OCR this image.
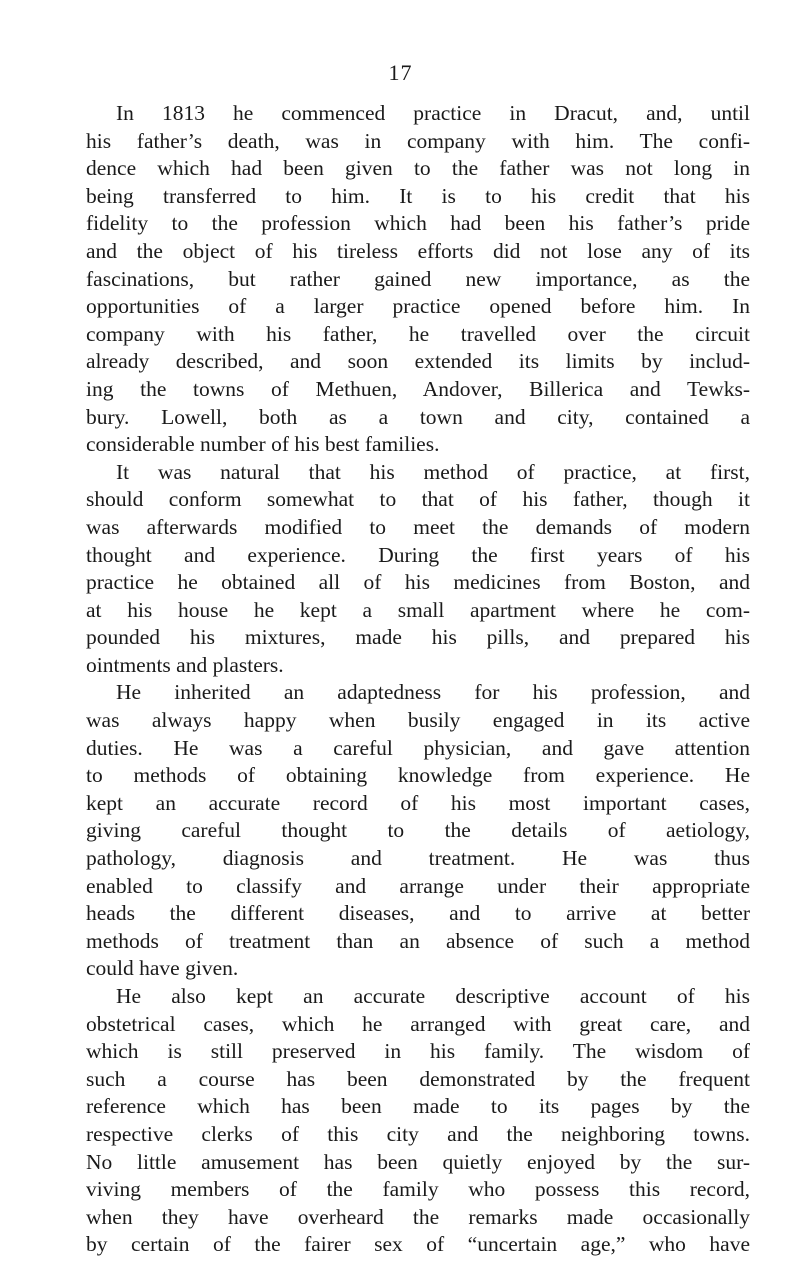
17
In 1813 he commenced practice in Dracut, and, until
his father’s death, was in company with him. The confi-
dence which had been given to the father was not long in
being transferred to him. It is to his credit that his
fidelity to the profession which had been his father’s pride
and the object of his tireless efforts did not lose any of its
fascinations, but rather gained new importance, as the
opportunities of a larger practice opened before him. In
company with his father, he travelled over the circuit
already described, and soon extended its limits by includ-
ing the towns of Methuen, Andover, Billerica and Tewks-
bury. Lowell, both as a town and city, contained a
considerable number of his best families.
It was natural that his method of practice, at first,
should conform somewhat to that of his father, though it
was afterwards modified to meet the demands of modern
thought and experience. During the first years of his
practice he obtained all of his medicines from Boston, and
at his house he kept a small apartment where he com-
pounded his mixtures, made his pills, and prepared his
ointments and plasters.
He inherited an adaptedness for his profession, and
was always happy when busily engaged in its active
duties. He was a careful physician, and gave attention
to methods of obtaining knowledge from experience. He
kept an accurate record of his most important cases,
giving careful thought to the details of aetiology,
pathology, diagnosis and treatment. He was thus
enabled to classify and arrange under their appropriate
heads the different diseases, and to arrive at better
methods of treatment than an absence of such a method
could have given.
He also kept an accurate descriptive account of his
obstetrical cases, which he arranged with great care, and
which is still preserved in his family. The wisdom of
such a course has been demonstrated by the frequent
reference which has been made to its pages by the
respective clerks of this city and the neighboring towns.
No little amusement has been quietly enjoyed by the sur-
viving members of the family who possess this record,
when they have overheard the remarks made occasionally
by certain of the fairer sex of “uncertain age,” who have
